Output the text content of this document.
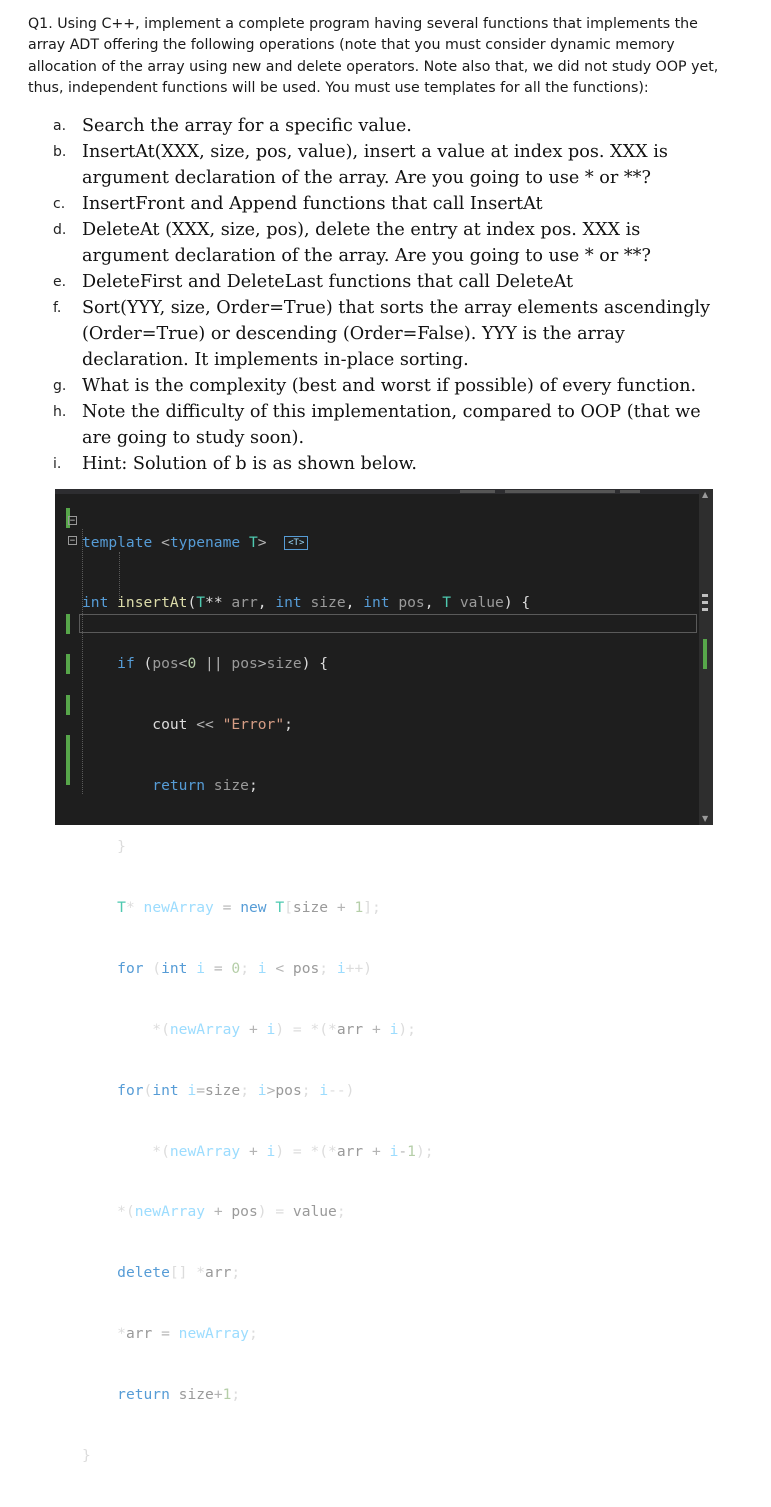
Q1. Using C++, implement a complete program having several functions that implements the array ADT offering the following operations (note that you must consider dynamic memory allocation of the array using new and delete operators. Note also that, we did not study OOP yet, thus, independent functions will be used. You must use templates for all the functions):
a. Search the array for a specific value.
b. InsertAt(XXX, size, pos, value), insert a value at index pos. XXX is argument declaration of the array. Are you going to use * or **?
c. InsertFront and Append functions that call InsertAt
d. DeleteAt (XXX, size, pos), delete the entry at index pos. XXX is argument declaration of the array. Are you going to use * or **?
e. DeleteFirst and DeleteLast functions that call DeleteAt
f. Sort(YYY, size, Order=True) that sorts the array elements ascendingly (Order=True) or descending (Order=False). YYY is the array declaration. It implements in-place sorting.
g. What is the complexity (best and worst if possible) of every function.
h. Note the difficulty of this implementation, compared to OOP (that we are going to study soon).
i. Hint: Solution of b is as shown below.
−
−

template <typename T> <T>

int insertAt(T** arr, int size, int pos, T value) {

if (pos<0 || pos>size) {

cout << "Error";

return size;

}

T* newArray = new T[size + 1];

for (int i = 0; i < pos; i++)

*(newArray + i) = *(*arr + i);

for(int i=size; i>pos; i--)

*(newArray + i) = *(*arr + i-1);

*(newArray + pos) = value;

delete[] *arr;

*arr = newArray;

return size+1;

}

▲
▼
